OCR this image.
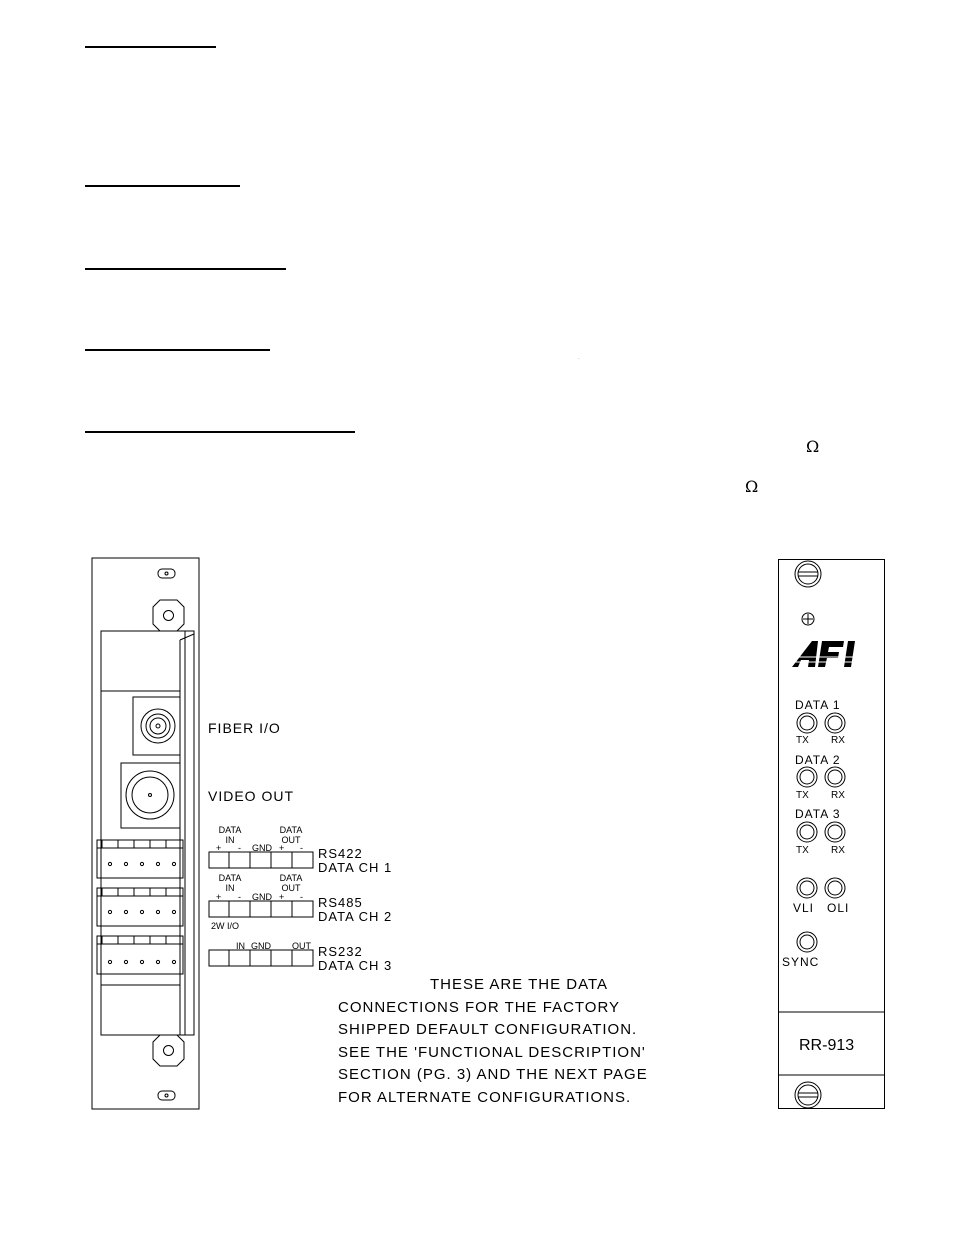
Ω
Ω
FIBER I/O
VIDEO OUT
DATA
IN
DATA
OUT
+ - GND + - RS422
DATA CH 1
DATA
IN
DATA
OUT
+ - GND + - RS485
DATA CH 2
2W I/O
IN GND OUT RS232
DATA CH 3
THESE ARE THE DATA
CONNECTIONS FOR THE FACTORY
SHIPPED DEFAULT CONFIGURATION.
SEE THE 'FUNCTIONAL DESCRIPTION'
SECTION (PG. 3) AND THE NEXT PAGE
FOR ALTERNATE CONFIGURATIONS.
AFI
DATA 1
TX RX
DATA 2
TX RX
DATA 3
TX RX
VLI OLI
SYNC
RR-913
